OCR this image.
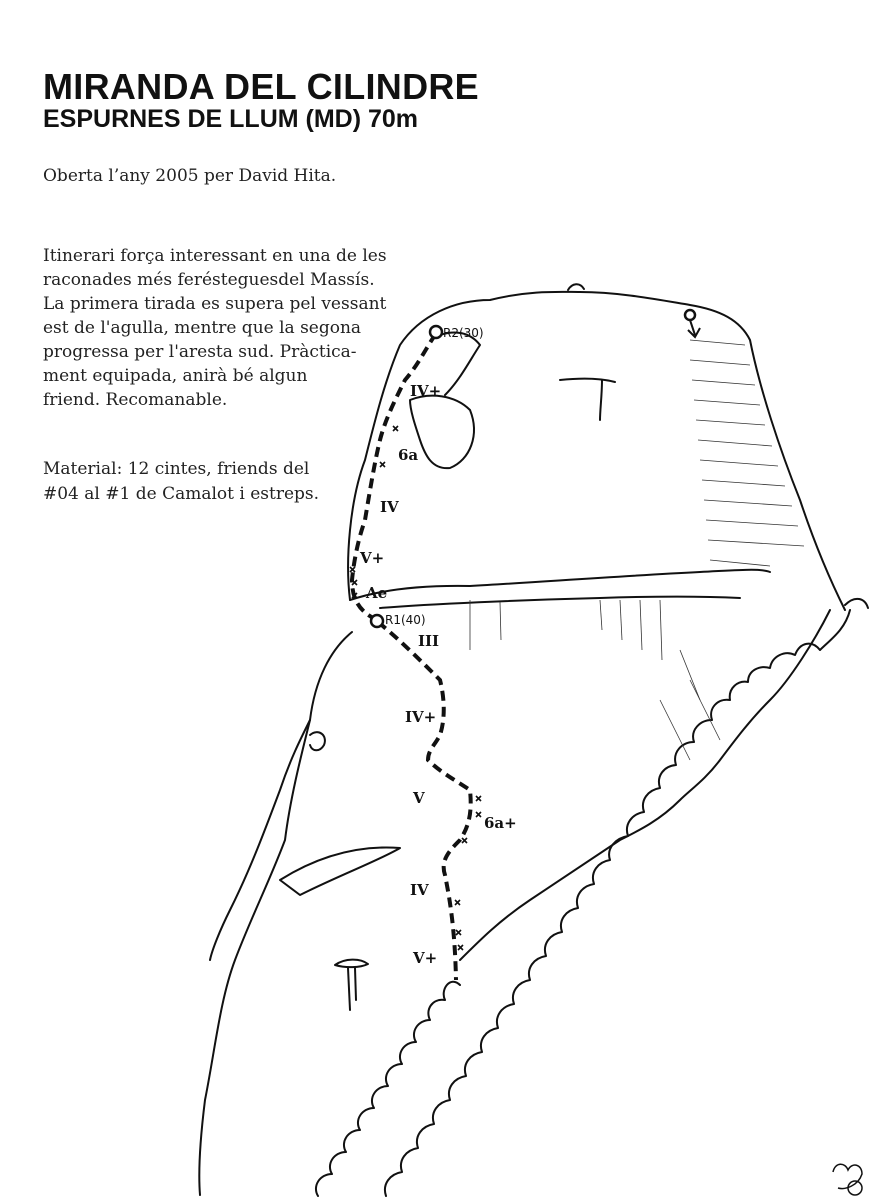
MIRANDA DEL CILINDRE
ESPURNES DE LLUM (MD) 70m

Oberta l’any 2005 per David Hita.

Itinerari força interessant en una de les
raconades més ferésteguesdel Massís.
La primera tirada es supera pel vessant
est de l'agulla, mentre que la segona
progressa per l'aresta sud. Pràctica-
ment equipada, anirà bé algun
friend. Recomanable.
Material: 12 cintes, friends del
#04 al #1 de Camalot i estreps.
R2(30)
R1(40)
IV+
6a
IV
V+
Ae
III
IV+
V
6a+
IV
V+
